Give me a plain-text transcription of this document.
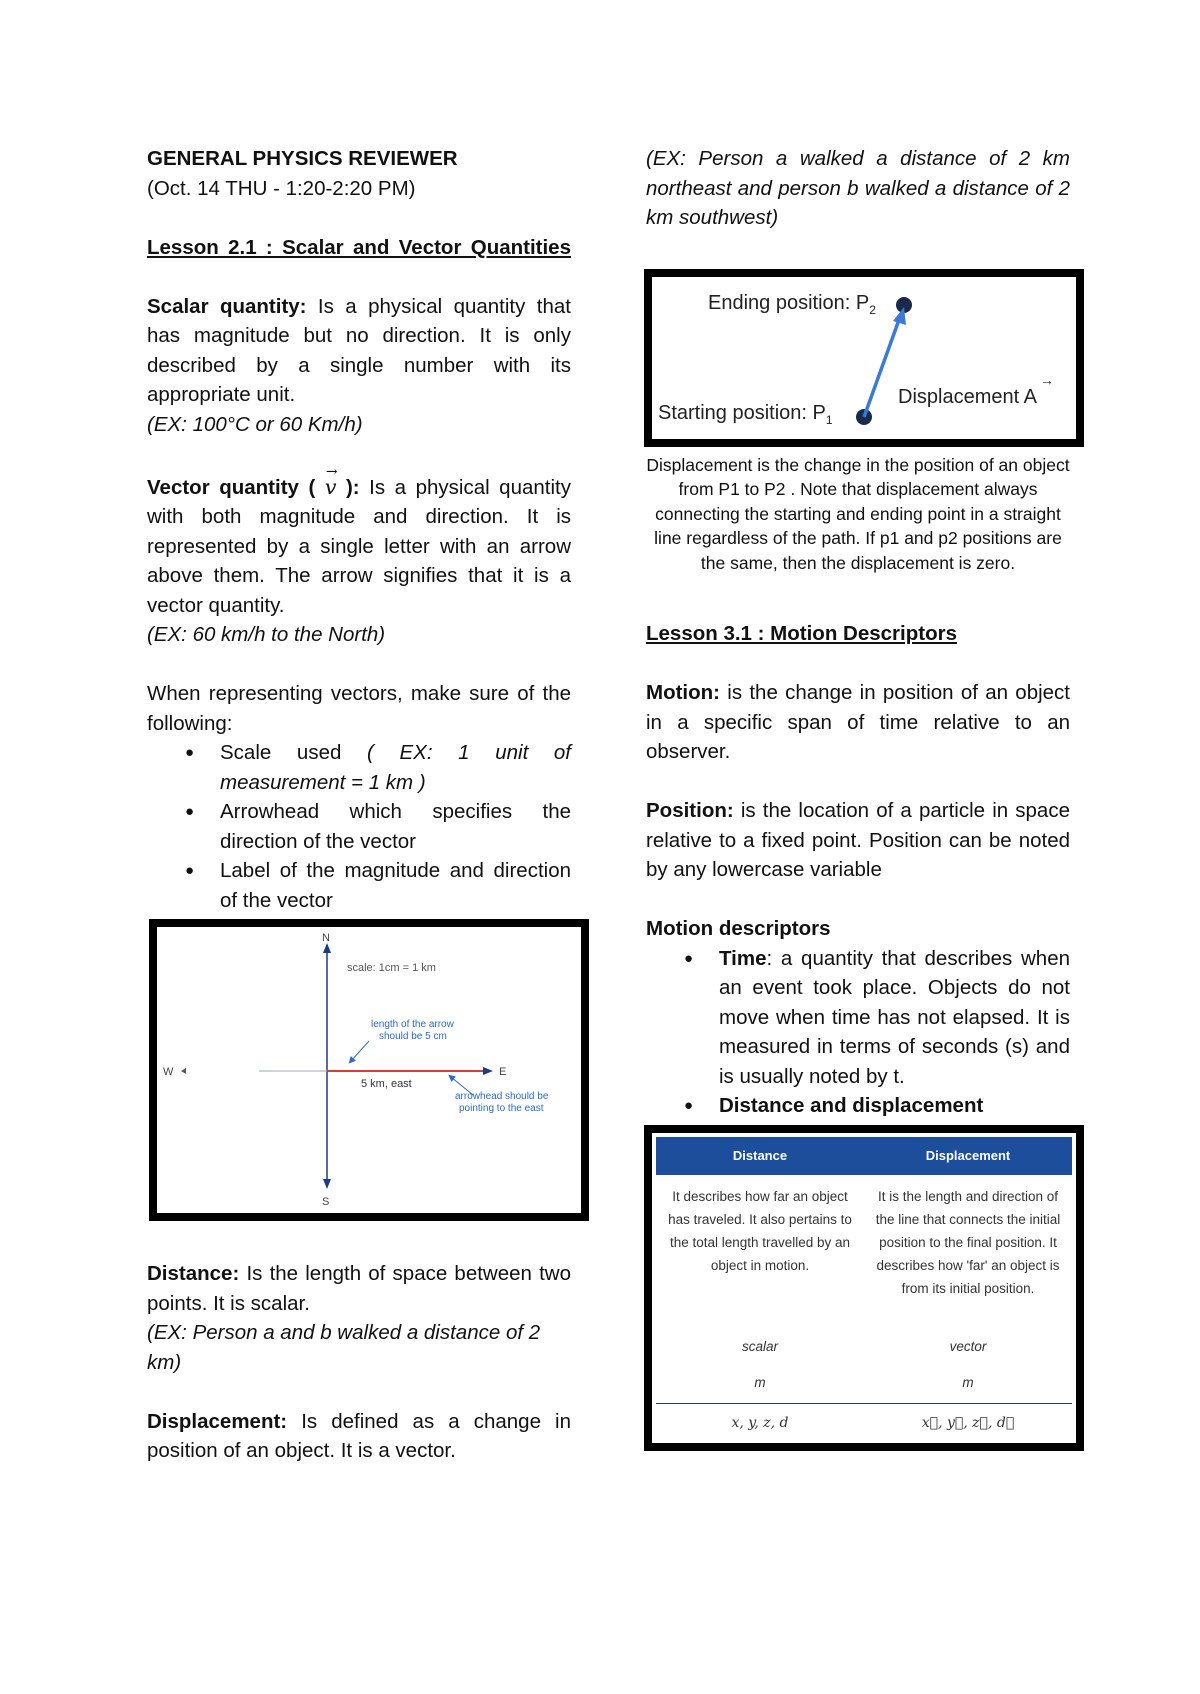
GENERAL PHYSICS REVIEWER

(Oct. 14 THU - 1:20-2:20 PM)

Lesson 2.1 : Scalar and Vector Quantities

Scalar quantity: Is a physical quantity that has magnitude but no direction. It is only described by a single number with its appropriate unit.

(EX: 100°C or 60 Km/h)

Vector quantity (
→
v ): Is a physical quantity with both magnitude and direction. It is represented by a single letter with an arrow above them. The arrow signifies that it is a vector quantity.

(EX: 60 km/h to the North)

When representing vectors, make sure of the following:

● Scale used ( EX: 1 unit of measurement = 1 km )
● Arrowhead which specifies the direction of the vector
● Label of the magnitude and direction of the vector
N
S
W	E
scale: 1cm = 1 km
length of the arrow
should be 5 cm
5 km, east
arrowhead should be
pointing to the east

Distance: Is the length of space between two points. It is scalar.

(EX: Person a and b walked a distance of 2 km)

Displacement: Is defined as a change in position of an object. It is a vector.

(EX: Person a walked a distance of 2 km northeast and person b walked a distance of 2 km southwest)

Ending position: $P_2$
Starting position: $P_1$
Displacement A
→

Displacement is the change in the position of an object from P1 to P2 . Note that displacement always connecting the starting and ending point in a straight line regardless of the path. If p1 and p2 positions are the same, then the displacement is zero.

Lesson 3.1 : Motion Descriptors

Motion: is the change in position of an object in a specific span of time relative to an observer.

Position: is the location of a particle in space relative to a fixed point. Position can be noted by any lowercase variable

Motion descriptors

● Time: a quantity that describes when an event took place. Objects do not move when time has not elapsed. It is measured in terms of seconds (s) and is usually noted by t.
● Distance and displacement
Distance	Displacement
It describes how far an object has traveled. It also pertains to the total length travelled by an object in motion.	It is the length and direction of the line that connects the initial position to the final position. It describes how 'far' an object is from its initial position.
scalar	vector
m	m
x, y, z, d	x⃗, y⃗, z⃗, d⃗
